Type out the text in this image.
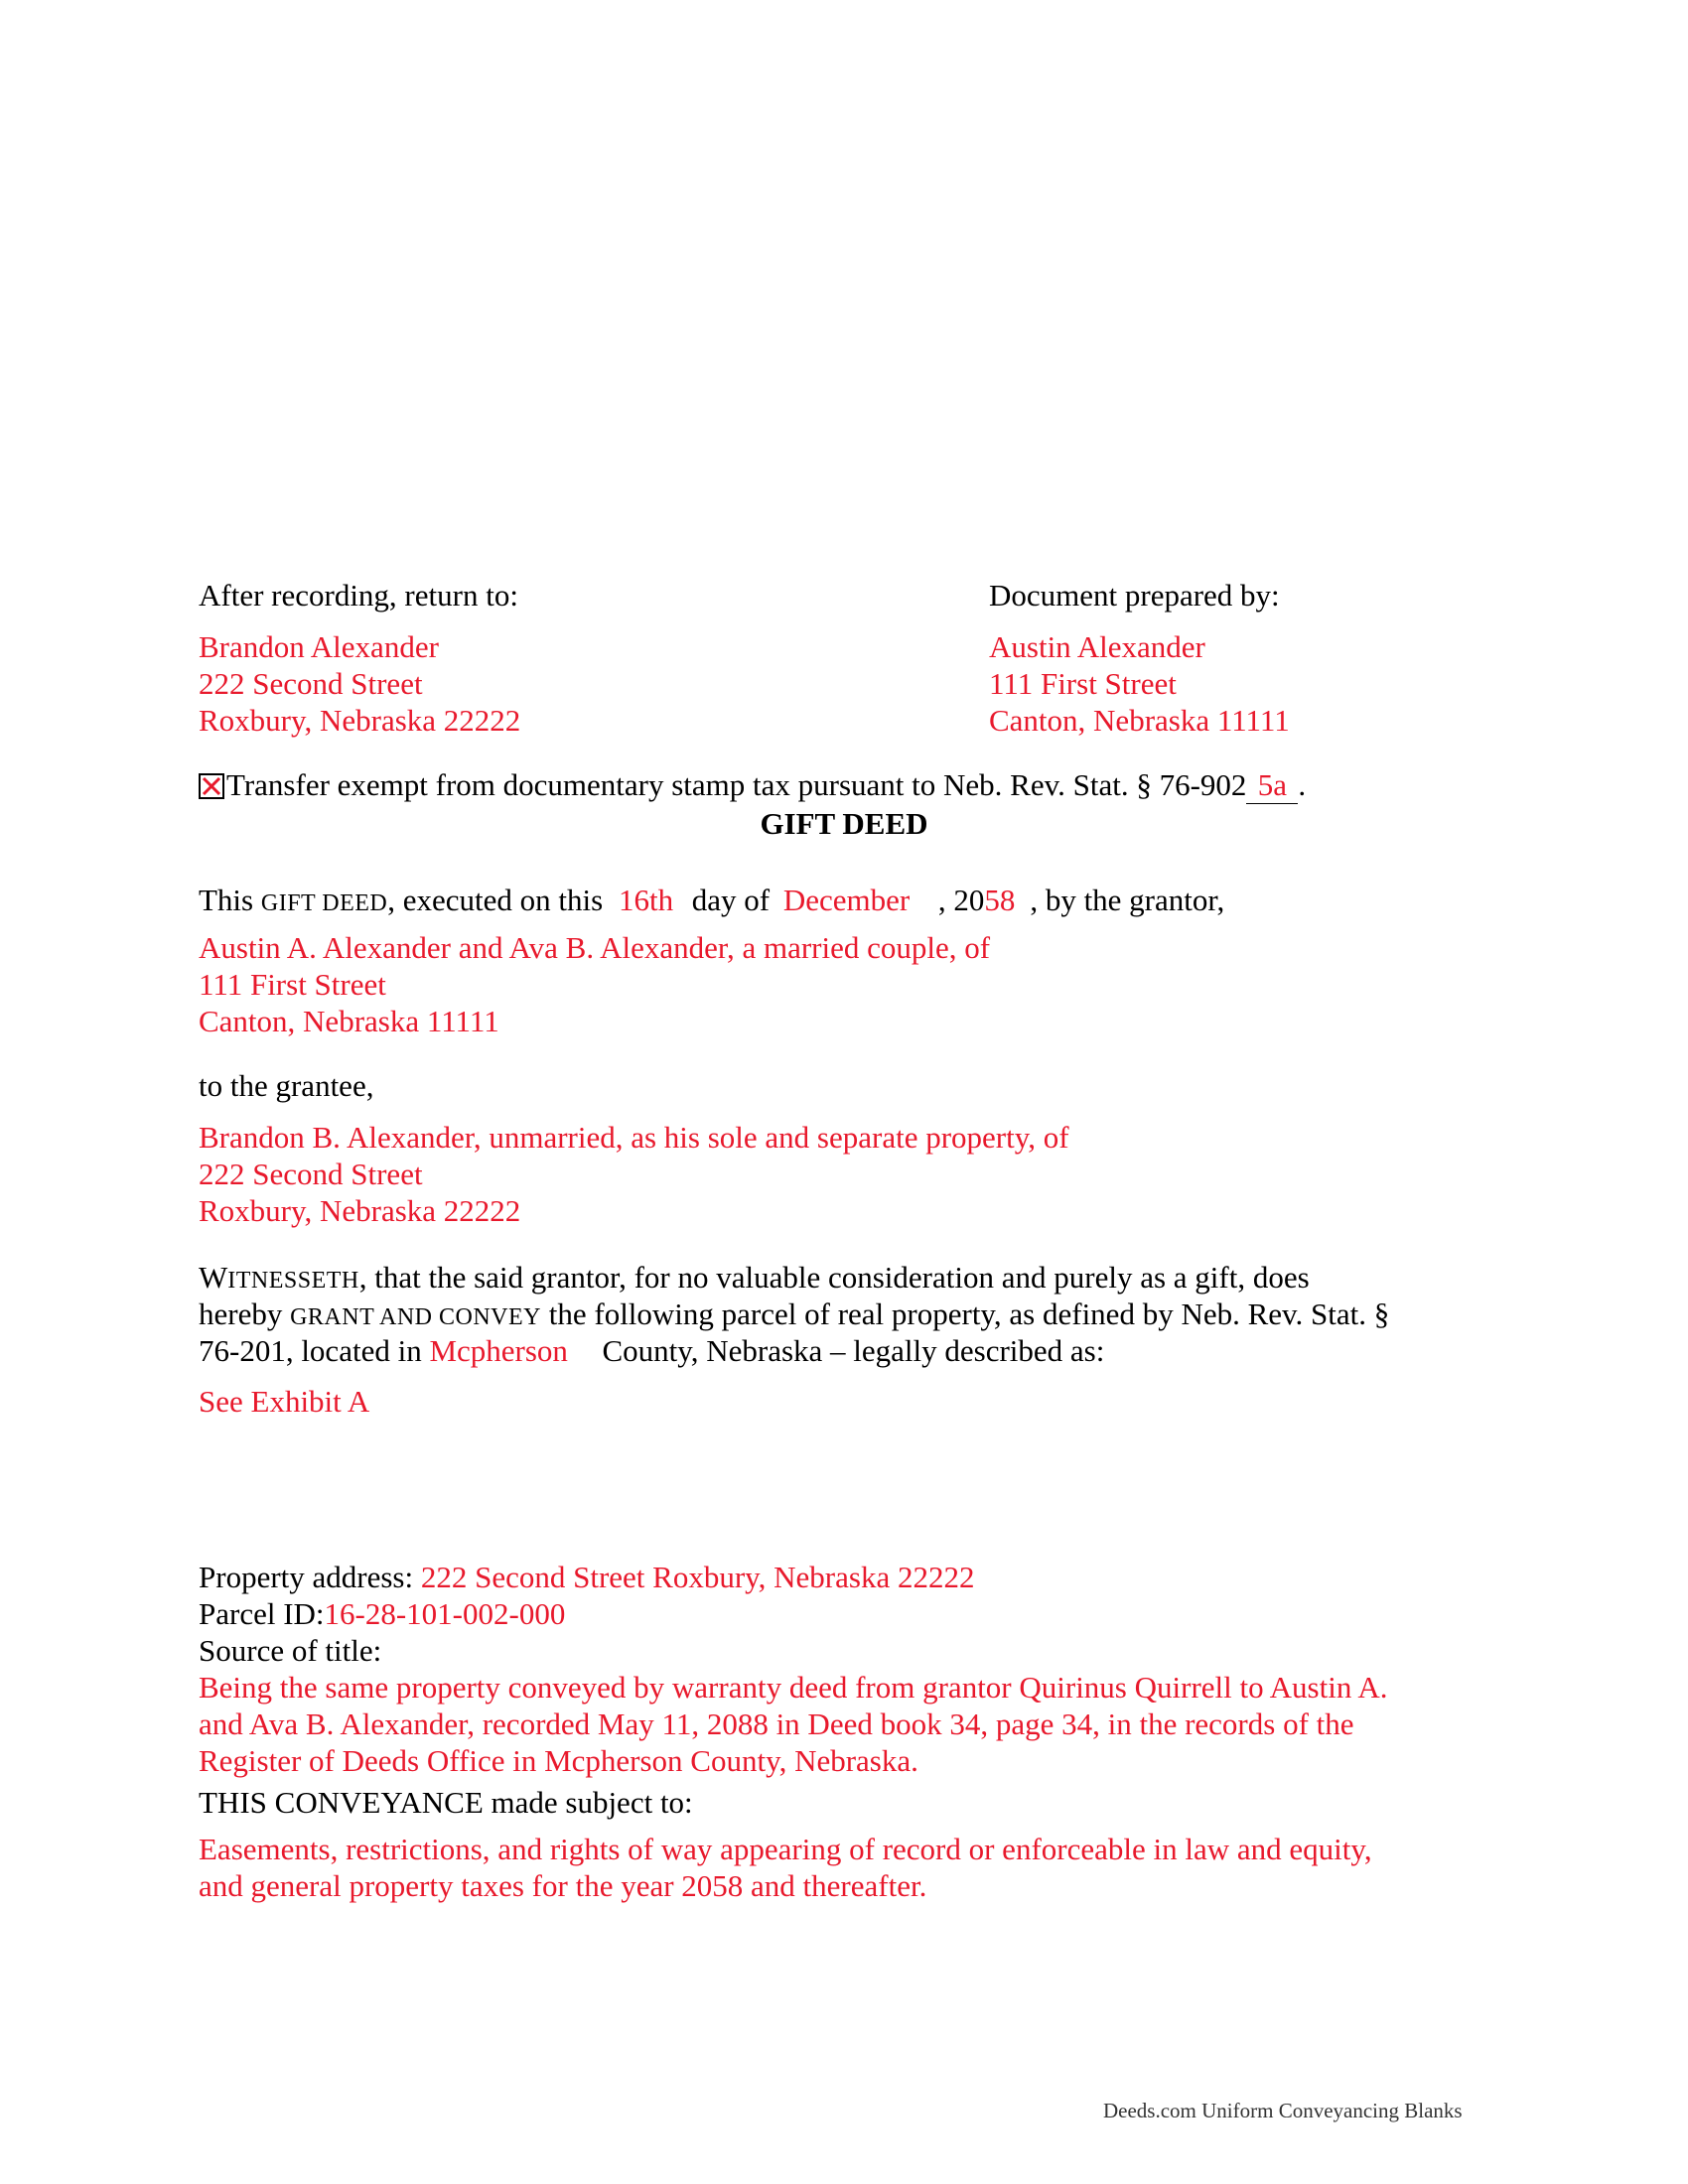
After recording, return to:
Brandon Alexander
222 Second Street
Roxbury, Nebraska 22222
Document prepared by:
Austin Alexander
111 First Street
Canton, Nebraska 11111
Transfer exempt from documentary stamp tax pursuant to Neb. Rev. Stat. § 76-902 5a .
GIFT DEED
This GIFT DEED, executed on this 16th day of December , 2058 , by the grantor,
Austin A. Alexander and Ava B. Alexander, a married couple, of
111 First Street
Canton, Nebraska 11111
to the grantee,
Brandon B. Alexander, unmarried, as his sole and separate property, of
222 Second Street
Roxbury, Nebraska 22222
WITNESSETH, that the said grantor, for no valuable consideration and purely as a gift, does
hereby GRANT AND CONVEY the following parcel of real property, as defined by Neb. Rev. Stat. §
76-201, located in Mcpherson County, Nebraska – legally described as:
See Exhibit A
Property address: 222 Second Street Roxbury, Nebraska 22222
Parcel ID:16-28-101-002-000
Source of title:
Being the same property conveyed by warranty deed from grantor Quirinus Quirrell to Austin A.
and Ava B. Alexander, recorded May 11, 2088 in Deed book 34, page 34, in the records of the
Register of Deeds Office in Mcpherson County, Nebraska.
THIS CONVEYANCE made subject to:
Easements, restrictions, and rights of way appearing of record or enforceable in law and equity,
and general property taxes for the year 2058 and thereafter.
Deeds.com Uniform Conveyancing Blanks
